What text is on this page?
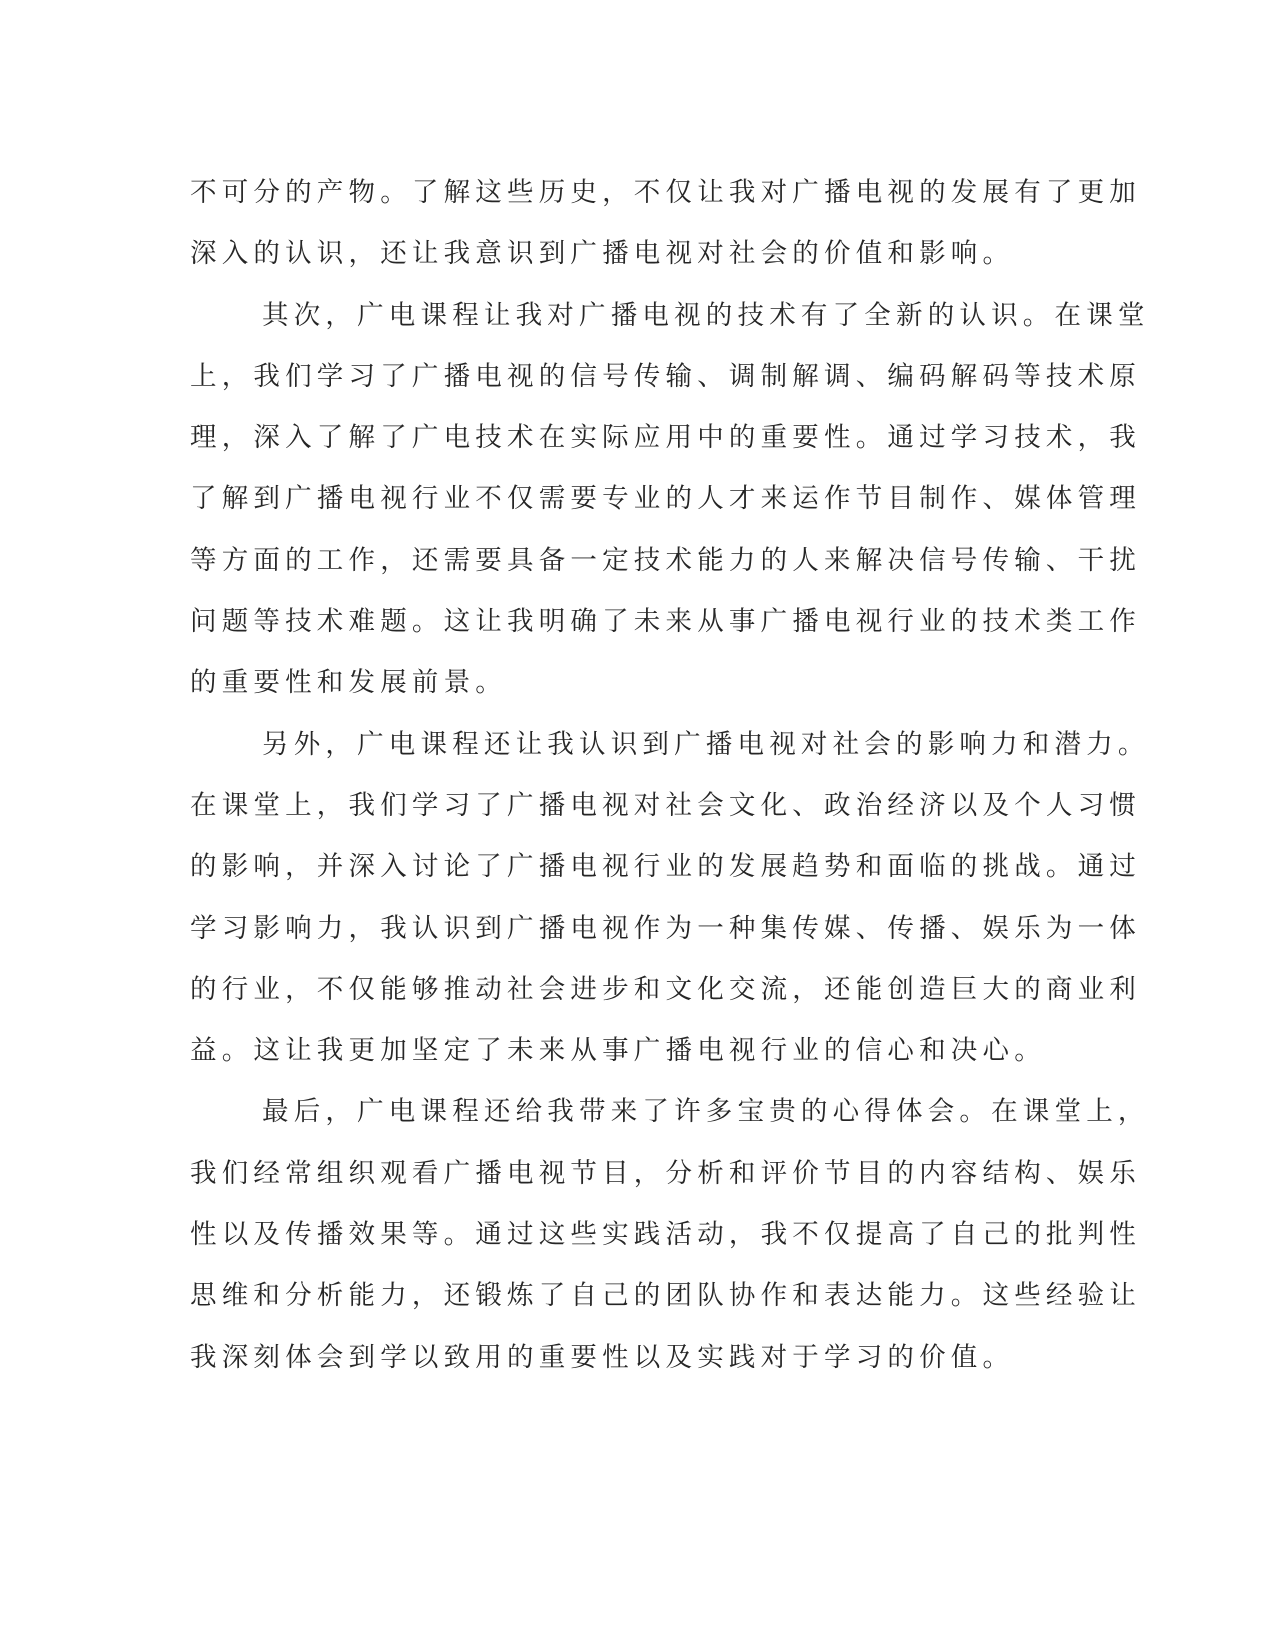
不可分的产物。了解这些历史，不仅让我对广播电视的发展有了更加
深入的认识，还让我意识到广播电视对社会的价值和影响。
其次，广电课程让我对广播电视的技术有了全新的认识。在课堂
上，我们学习了广播电视的信号传输、调制解调、编码解码等技术原
理，深入了解了广电技术在实际应用中的重要性。通过学习技术，我
了解到广播电视行业不仅需要专业的人才来运作节目制作、媒体管理
等方面的工作，还需要具备一定技术能力的人来解决信号传输、干扰
问题等技术难题。这让我明确了未来从事广播电视行业的技术类工作
的重要性和发展前景。
另外，广电课程还让我认识到广播电视对社会的影响力和潜力。
在课堂上，我们学习了广播电视对社会文化、政治经济以及个人习惯
的影响，并深入讨论了广播电视行业的发展趋势和面临的挑战。通过
学习影响力，我认识到广播电视作为一种集传媒、传播、娱乐为一体
的行业，不仅能够推动社会进步和文化交流，还能创造巨大的商业利
益。这让我更加坚定了未来从事广播电视行业的信心和决心。
最后，广电课程还给我带来了许多宝贵的心得体会。在课堂上，
我们经常组织观看广播电视节目，分析和评价节目的内容结构、娱乐
性以及传播效果等。通过这些实践活动，我不仅提高了自己的批判性
思维和分析能力，还锻炼了自己的团队协作和表达能力。这些经验让
我深刻体会到学以致用的重要性以及实践对于学习的价值。
